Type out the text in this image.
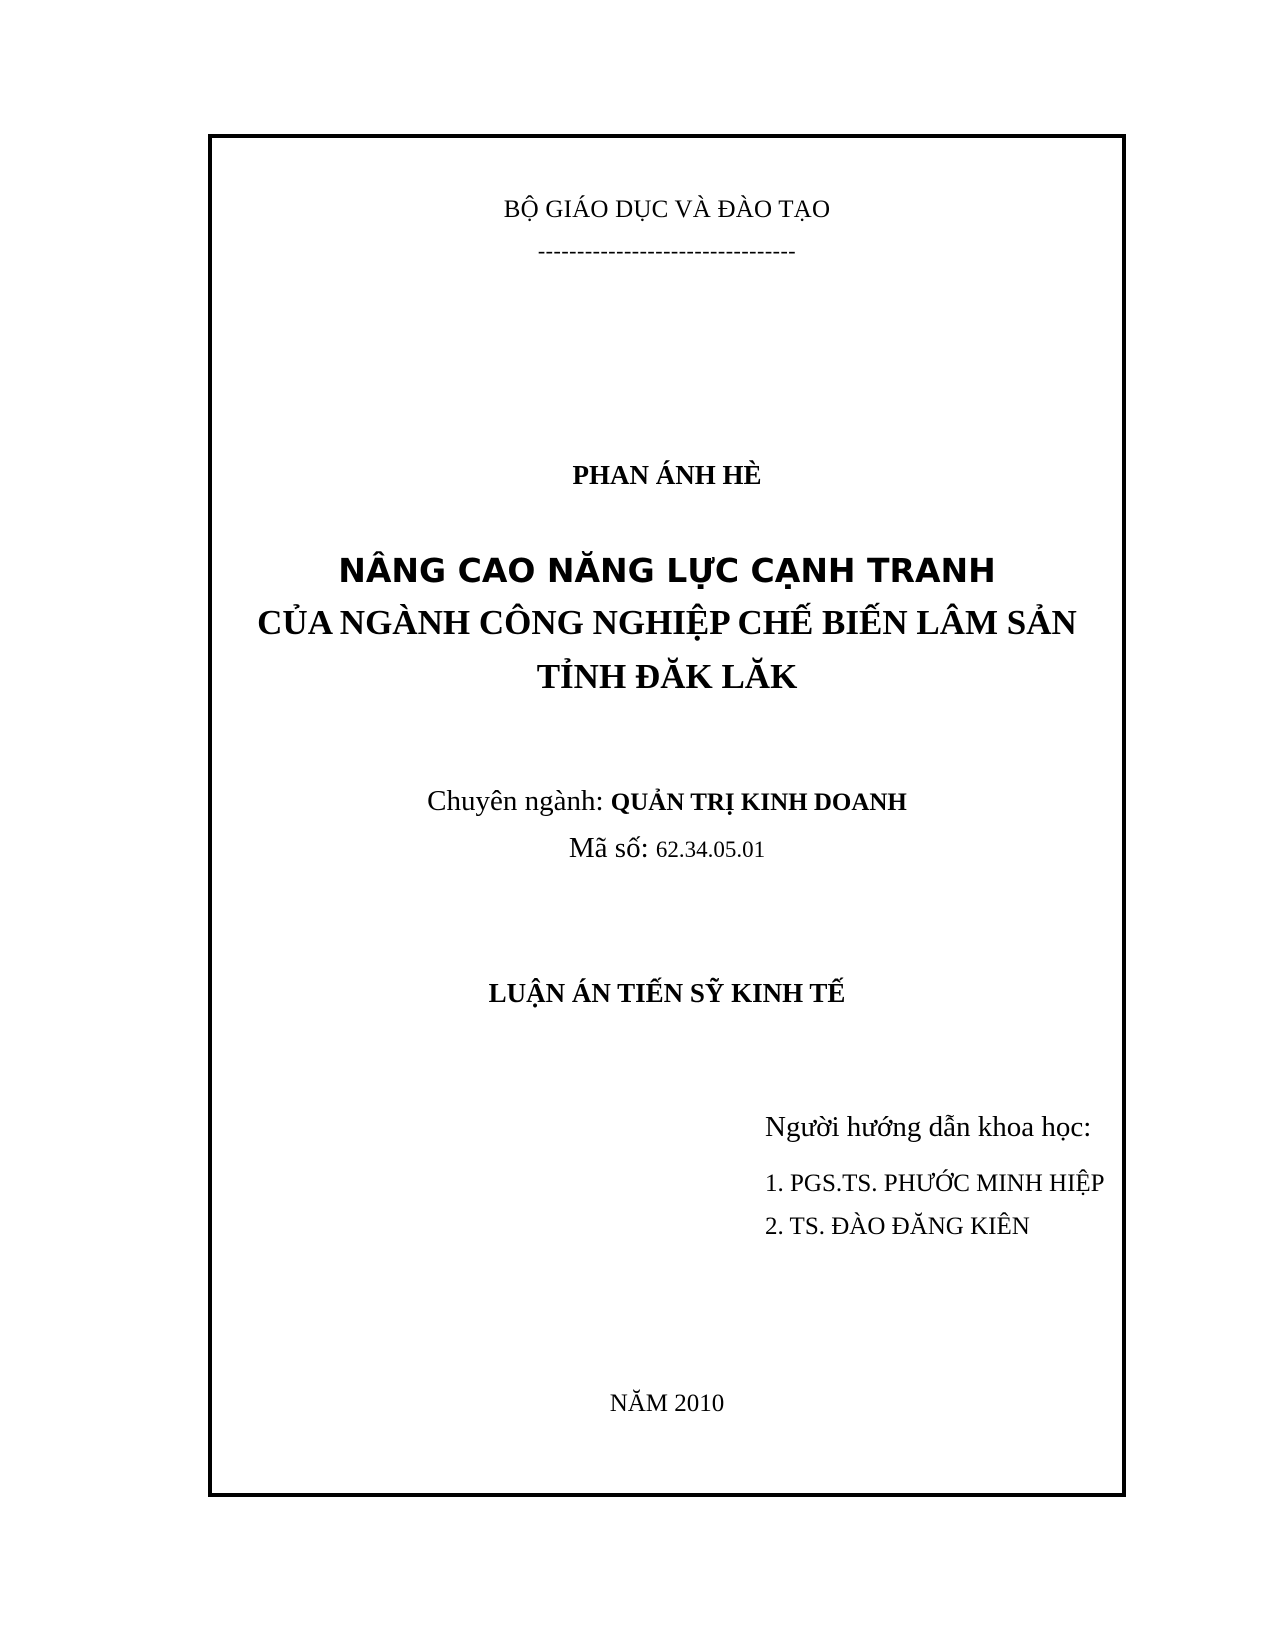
BỘ GIÁO DỤC VÀ ĐÀO TẠO
---------------------------------
PHAN ÁNH HÈ
NÂNG CAO NĂNG LỰC CẠNH TRANH
CỦA NGÀNH CÔNG NGHIỆP CHẾ BIẾN LÂM SẢN
TỈNH ĐĂK LĂK
Chuyên ngành: QUẢN TRỊ KINH DOANH
Mã số: 62.34.05.01
LUẬN ÁN TIẾN SỸ KINH TẾ
Người hướng dẫn khoa học:
1. PGS.TS. PHƯỚC MINH HIỆP
2. TS. ĐÀO ĐĂNG KIÊN
NĂM 2010
